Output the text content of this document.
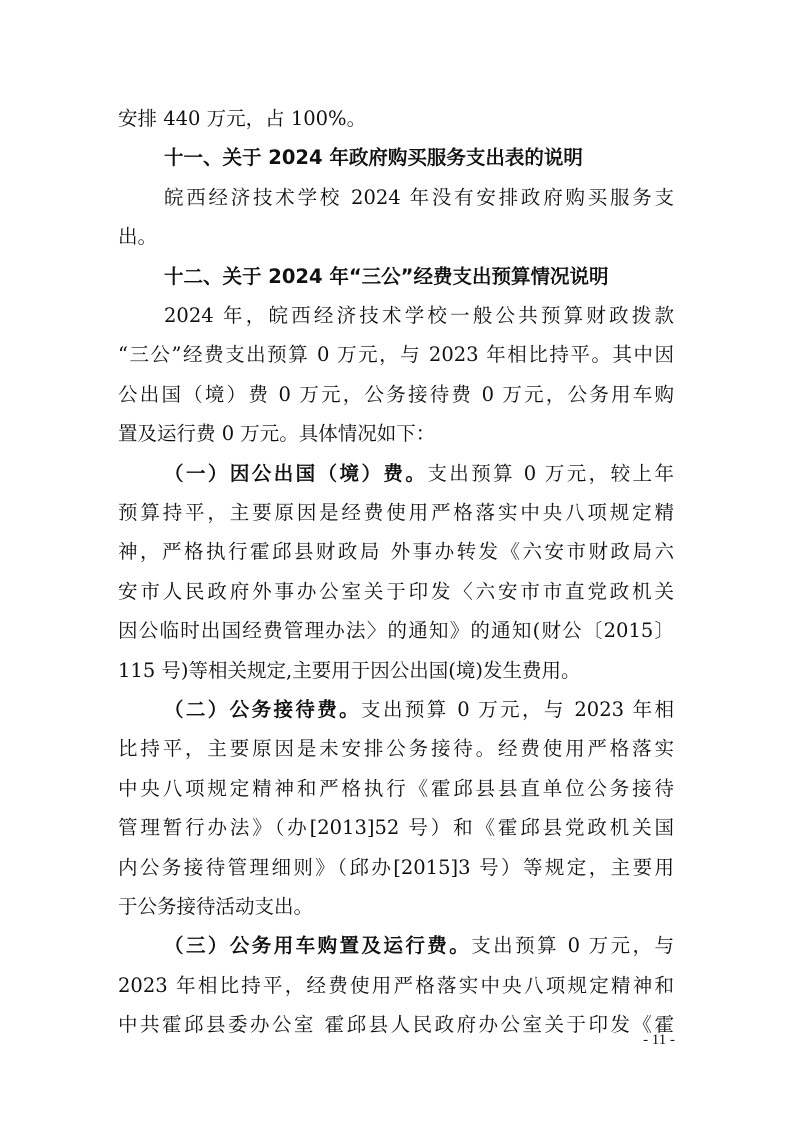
安排 440 万元，占 100%。
十一、关于 2024 年政府购买服务支出表的说明
皖西经济技术学校 2024 年没有安排政府购买服务支
出。
十二、关于 2024 年“三公”经费支出预算情况说明
2024 年，皖西经济技术学校一般公共预算财政拨款
“三公”经费支出预算 0 万元，与 2023 年相比持平。其中因
公出国（境）费 0 万元，公务接待费 0 万元，公务用车购
置及运行费 0 万元。具体情况如下：
（一）因公出国（境）费。支出预算 0 万元，较上年
预算持平，主要原因是经费使用严格落实中央八项规定精
神，严格执行霍邱县财政局 外事办转发《六安市财政局六
安市人民政府外事办公室关于印发〈六安市市直党政机关
因公临时出国经费管理办法〉的通知》的通知(财公〔2015〕
115 号)等相关规定,主要用于因公出国(境)发生费用。
（二）公务接待费。支出预算 0 万元，与 2023 年相
比持平，主要原因是未安排公务接待。经费使用严格落实
中央八项规定精神和严格执行《霍邱县县直单位公务接待
管理暂行办法》（办[2013]52 号）和《霍邱县党政机关国
内公务接待管理细则》（邱办[2015]3 号）等规定，主要用
于公务接待活动支出。
（三）公务用车购置及运行费。支出预算 0 万元，与
2023 年相比持平，经费使用严格落实中央八项规定精神和
中共霍邱县委办公室 霍邱县人民政府办公室关于印发《霍
- 11 -
